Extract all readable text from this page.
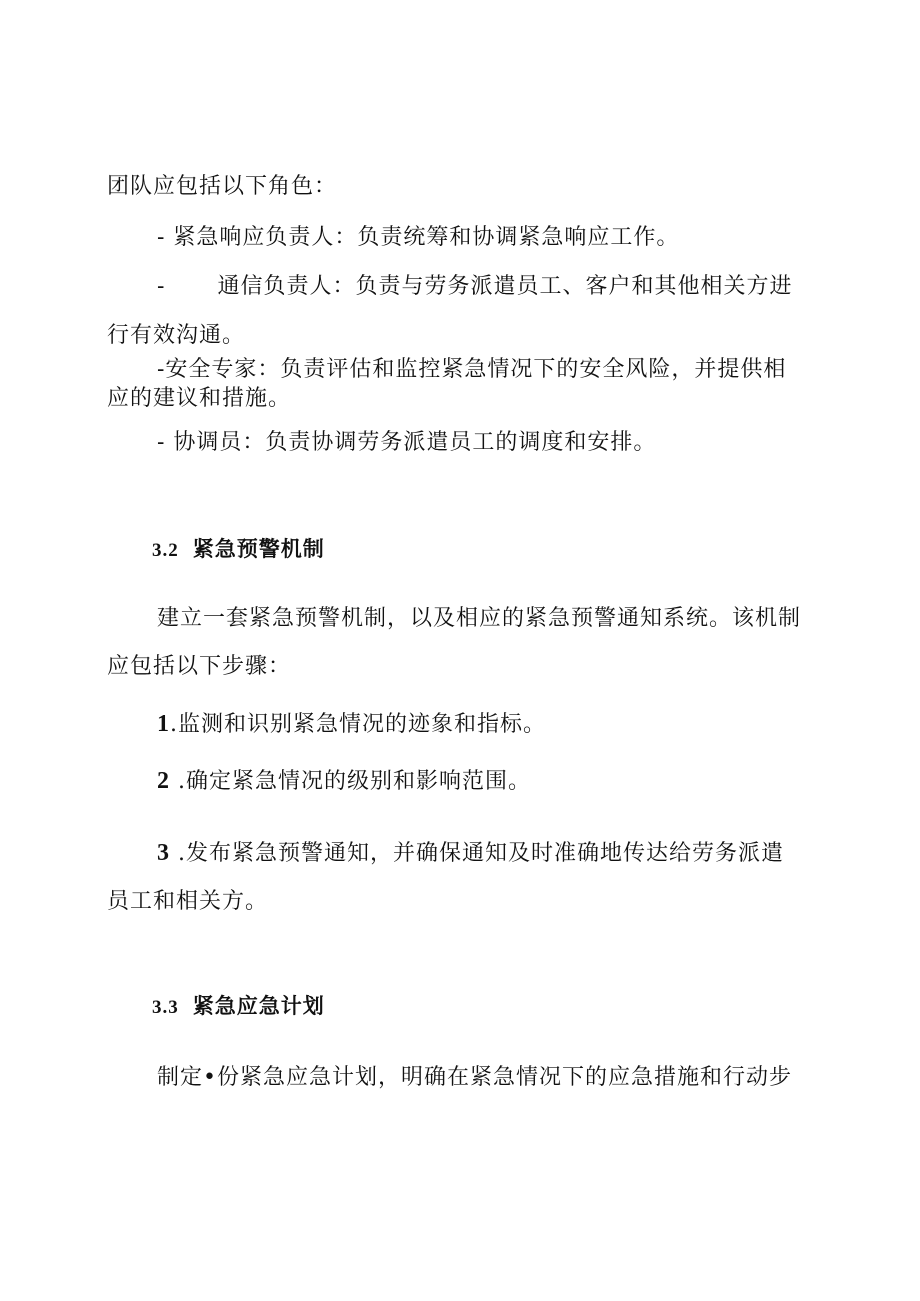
团队应包括以下角色：
- 紧急响应负责人：负责统筹和协调紧急响应工作。
- 通信负责人：负责与劳务派遣员工、客户和其他相关方进
行有效沟通。
-安全专家：负责评估和监控紧急情况下的安全风险，并提供相
应的建议和措施。
- 协调员：负责协调劳务派遣员工的调度和安排。
3.2 紧急预警机制
建立一套紧急预警机制，以及相应的紧急预警通知系统。该机制
应包括以下步骤：
1.监测和识别紧急情况的迹象和指标。
2 .确定紧急情况的级别和影响范围。
3 .发布紧急预警通知，并确保通知及时准确地传达给劳务派遣
员工和相关方。
3.3 紧急应急计划
制定•份紧急应急计划，明确在紧急情况下的应急措施和行动步
